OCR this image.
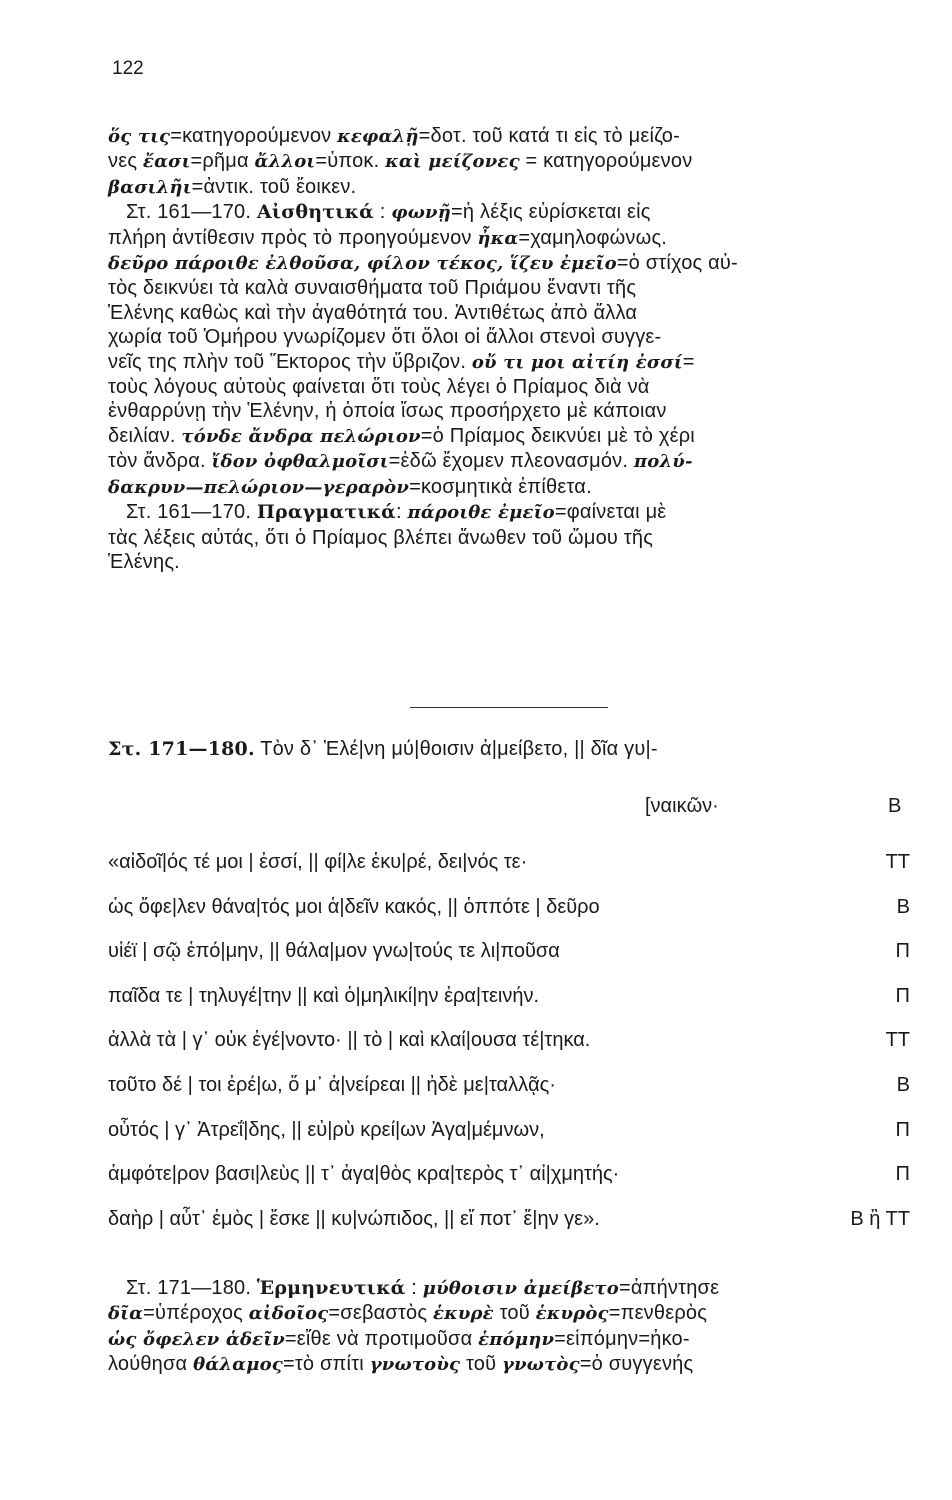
122
ὅς τις=κατηγορούμενον κεφαλῇ=δοτ. τοῦ κατά τι εἰς τὸ μείζο-
νες ἔασι=ρῆμα ἄλλοι=ὑποκ. καὶ μείζονες = κατηγορούμενον
βασιλῆι=ἀντικ. τοῦ ἔοικεν.
Στ. 161—170. Αἰσθητικά : φωνῇ=ἡ λέξις εὑρίσκεται εἰς
πλήρη ἀντίθεσιν πρὸς τὸ προηγούμενον ἦκα=χαμηλοφώνως.
δεῦρο πάροιθε ἐλθοῦσα, φίλον τέκος, ἵζευ ἐμεῖο=ὁ στίχος αὐ-
τὸς δεικνύει τὰ καλὰ συναισθήματα τοῦ Πριάμου ἔναντι τῆς
Ἑλένης καθὼς καὶ τὴν ἀγαθότητά του. Ἀντιθέτως ἀπὸ ἄλλα
χωρία τοῦ Ὁμήρου γνωρίζομεν ὅτι ὅλοι οἱ ἄλλοι στενοὶ συγγε-
νεῖς της πλὴν τοῦ Ἕκτορος τὴν ὕβριζον. οὔ τι μοι αἰτίη ἐσσί=
τοὺς λόγους αὐτοὺς φαίνεται ὅτι τοὺς λέγει ὁ Πρίαμος διὰ νὰ
ἐνθαρρύνῃ τὴν Ἑλένην, ἡ ὁποία ἴσως προσήρχετο μὲ κάποιαν
δειλίαν. τόνδε ἄνδρα πελώριον=ὁ Πρίαμος δεικνύει μὲ τὸ χέρι
τὸν ἄνδρα. ἴδον ὀφθαλμοῖσι=ἐδῶ ἔχομεν πλεονασμόν. πολύ-
δακρυν—πελώριον—γεραρὸν=κοσμητικὰ ἐπίθετα.
Στ. 161—170. Πραγματικά: πάροιθε ἐμεῖο=φαίνεται μὲ
τὰς λέξεις αὐτάς, ὅτι ὁ Πρίαμος βλέπει ἄνωθεν τοῦ ὤμου τῆς
Ἑλένης.
Στ. 171—180. Τὸν δ᾽ Ἑλέ|νη μύ|θοισιν ἀ|μείβετο, || δῖα γυ|-
[ναικῶν·	Β
«αἰδοῖ|ός τέ μοι | ἐσσί, || φί|λε ἑκυ|ρέ, δει|νός τε·	ΤΤ
ὡς ὄφε|λεν θάνα|τός μοι ἁ|δεῖν κακός, || ὁππότε | δεῦρο	Β
υἱέϊ | σῷ ἑπό|μην, || θάλα|μον γνω|τούς τε λι|ποῦσα	Π
παῖδα τε | τηλυγέ|την || καὶ ὁ|μηλικί|ην ἐρα|τεινήν.	Π
ἀλλὰ τὰ | γ᾽ οὐκ ἐγέ|νοντο· || τὸ | καὶ κλαί|ουσα τέ|τηκα.	ΤΤ
τοῦτο δέ | τοι ἐρέ|ω, ὅ μ᾽ ἀ|νείρεαι || ἠδὲ με|ταλλᾷς·	Β
οὗτός | γ᾽ Ἀτρεΐ|δης, || εὐ|ρὺ κρεί|ων Ἀγα|μέμνων,	Π
ἀμφότε|ρον βασι|λεὺς || τ᾽ ἀγα|θὸς κρα|τερὸς τ᾽ αἰ|χμητής·	Π
δαὴρ | αὖτ᾽ ἐμὸς | ἔσκε || κυ|νώπιδος, || εἴ ποτ᾽ ἔ|ην γε».	Β ἢ ΤΤ
Στ. 171—180. Ἑρμηνευτικά : μύθοισιν ἀμείβετο=ἀπήντησε
δῖα=ὑπέροχος αἰδοῖος=σεβαστὸς ἑκυρὲ τοῦ ἑκυρὸς=πενθερὸς
ὡς ὄφελεν ἁδεῖν=εἴθε νὰ προτιμοῦσα ἑπόμην=εἱπόμην=ἠκο-
λούθησα θάλαμος=τὸ σπίτι γνωτοὺς τοῦ γνωτὸς=ὁ συγγενής
